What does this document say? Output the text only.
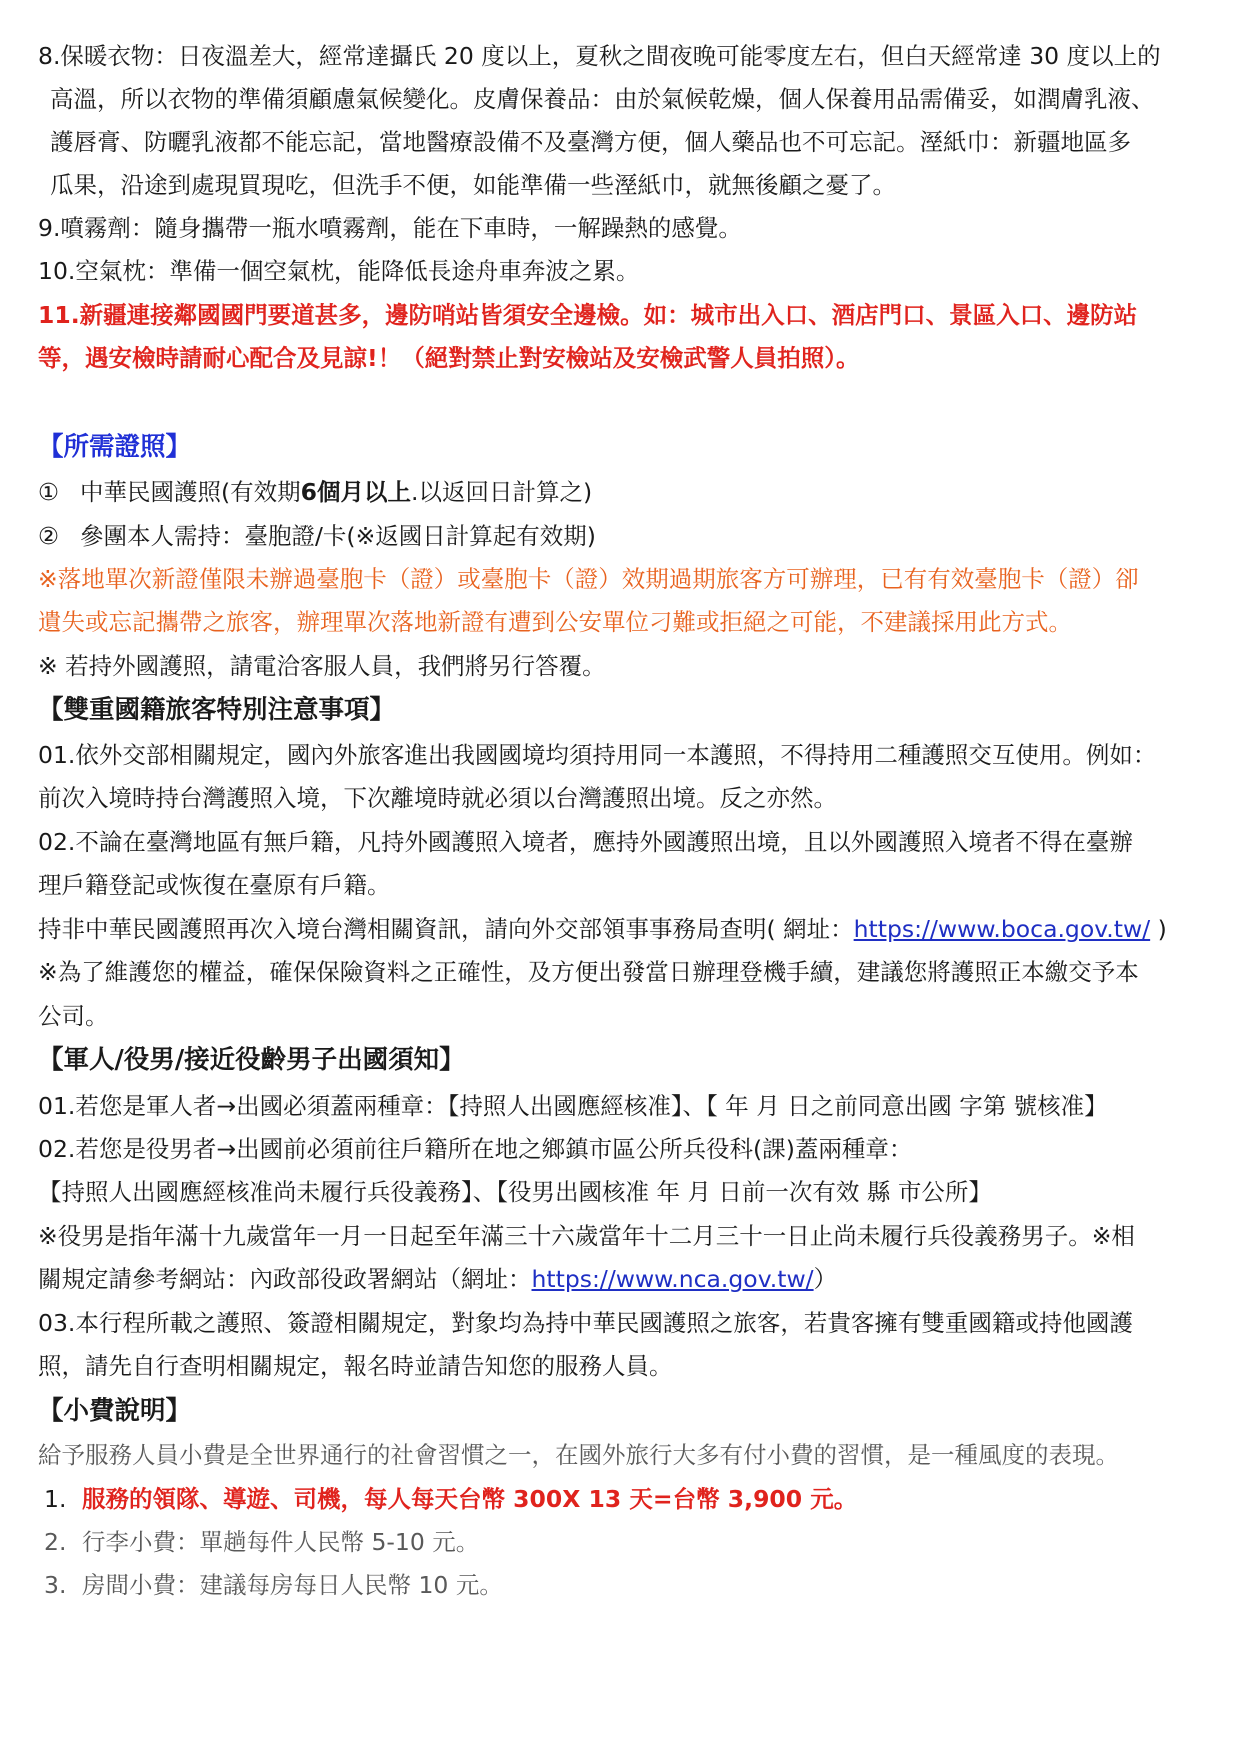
8.保暖衣物：日夜溫差大，經常達攝氏 20 度以上，夏秋之間夜晚可能零度左右，但白天經常達 30 度以上的

高溫，所以衣物的準備須顧慮氣候變化。皮膚保養品：由於氣候乾燥，個人保養用品需備妥，如潤膚乳液、

護唇膏、防曬乳液都不能忘記，當地醫療設備不及臺灣方便，個人藥品也不可忘記。溼紙巾：新疆地區多

瓜果，沿途到處現買現吃，但洗手不便，如能準備一些溼紙巾，就無後顧之憂了。

9.噴霧劑：隨身攜帶一瓶水噴霧劑，能在下車時，一解躁熱的感覺。

10.空氣枕：準備一個空氣枕，能降低長途舟車奔波之累。

11.新疆連接鄰國國門要道甚多，邊防哨站皆須安全邊檢。如：城市出入口、酒店門口、景區入口、邊防站

等，遇安檢時請耐心配合及見諒!！（絕對禁止對安檢站及安檢武警人員拍照）。

【所需證照】

① 中華民國護照(有效期6個月以上.以返回日計算之)

② 參團本人需持：臺胞證/卡(※返國日計算起有效期)

※落地單次新證僅限未辦過臺胞卡（證）或臺胞卡（證）效期過期旅客方可辦理，已有有效臺胞卡（證）卻

遺失或忘記攜帶之旅客，辦理單次落地新證有遭到公安單位刁難或拒絕之可能，不建議採用此方式。

※ 若持外國護照，請電洽客服人員，我們將另行答覆。

【雙重國籍旅客特別注意事項】

01.依外交部相關規定，國內外旅客進出我國國境均須持用同一本護照，不得持用二種護照交互使用。例如：

前次入境時持台灣護照入境，下次離境時就必須以台灣護照出境。反之亦然。

02.不論在臺灣地區有無戶籍，凡持外國護照入境者，應持外國護照出境，且以外國護照入境者不得在臺辦

理戶籍登記或恢復在臺原有戶籍。

持非中華民國護照再次入境台灣相關資訊，請向外交部領事事務局查明( 網址：https://www.boca.gov.tw/ )

※為了維護您的權益，確保保險資料之正確性，及方便出發當日辦理登機手續，建議您將護照正本繳交予本

公司。

【軍人/役男/接近役齡男子出國須知】

01.若您是軍人者→出國必須蓋兩種章：【持照人出國應經核准】、【 年 月 日之前同意出國 字第 號核准】

02.若您是役男者→出國前必須前往戶籍所在地之鄉鎮市區公所兵役科(課)蓋兩種章：

【持照人出國應經核准尚未履行兵役義務】、【役男出國核准 年 月 日前一次有效 縣 市公所】

※役男是指年滿十九歲當年一月一日起至年滿三十六歲當年十二月三十一日止尚未履行兵役義務男子。※相

關規定請參考網站：內政部役政署網站（網址：https://www.nca.gov.tw/）

03.本行程所載之護照、簽證相關規定，對象均為持中華民國護照之旅客，若貴客擁有雙重國籍或持他國護

照，請先自行查明相關規定，報名時並請告知您的服務人員。

【小費說明】

給予服務人員小費是全世界通行的社會習慣之一，在國外旅行大多有付小費的習慣，是一種風度的表現。

1. 服務的領隊、導遊、司機，每人每天台幣 300X 13 天=台幣 3,900 元。

2. 行李小費：單趟每件人民幣 5-10 元。

3. 房間小費：建議每房每日人民幣 10 元。
